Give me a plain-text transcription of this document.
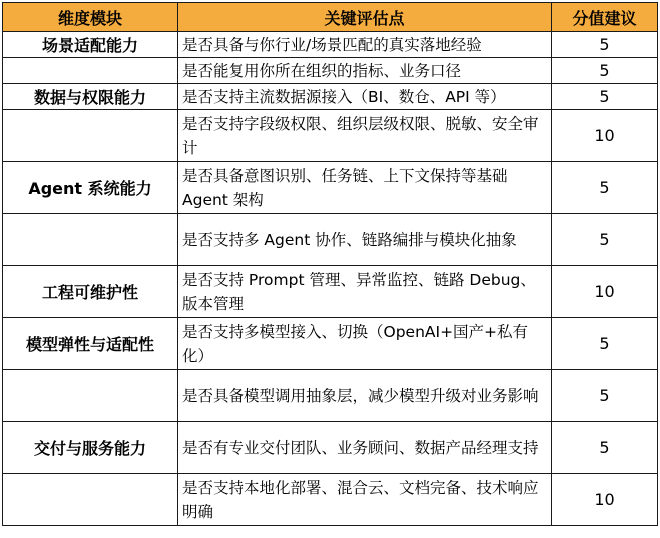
维度模块	关键评估点	分值建议
场景适配能力	是否具备与你行业/场景匹配的真实落地经验	5
	是否能复用你所在组织的指标、业务口径	5
数据与权限能力	是否支持主流数据源接入（BI、数仓、API 等）	5
	是否支持字段级权限、组织层级权限、脱敏、安全审计	10
Agent 系统能力	是否具备意图识别、任务链、上下文保持等基础 Agent 架构	5
	是否支持多 Agent 协作、链路编排与模块化抽象	5
工程可维护性	是否支持 Prompt 管理、异常监控、链路 Debug、版本管理	10
模型弹性与适配性	是否支持多模型接入、切换（OpenAI+国产+私有化）	5
	是否具备模型调用抽象层，减少模型升级对业务影响	5
交付与服务能力	是否有专业交付团队、业务顾问、数据产品经理支持	5
	是否支持本地化部署、混合云、文档完备、技术响应明确	10
